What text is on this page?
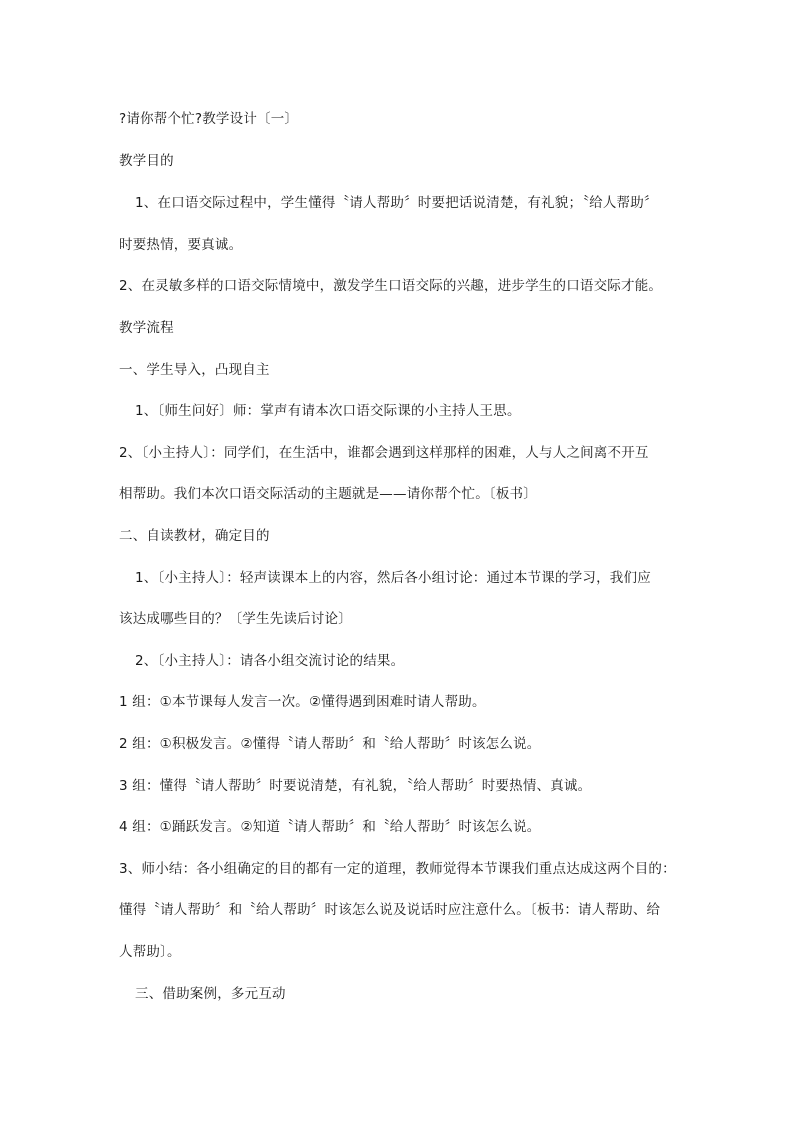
?请你帮个忙?教学设计〔一〕
教学目的
1、在口语交际过程中，学生懂得〝请人帮助〞时要把话说清楚，有礼貌；〝给人帮助〞
时要热情，要真诚。
2、在灵敏多样的口语交际情境中，激发学生口语交际的兴趣，进步学生的口语交际才能。
教学流程
一、学生导入，凸现自主
1、〔师生问好〕师：掌声有请本次口语交际课的小主持人王思。
2、〔小主持人〕：同学们，在生活中，谁都会遇到这样那样的困难，人与人之间离不开互
相帮助。我们本次口语交际活动的主题就是——请你帮个忙。〔板书〕
二、自读教材，确定目的
1、〔小主持人〕：轻声读课本上的内容，然后各小组讨论：通过本节课的学习，我们应
该达成哪些目的？〔学生先读后讨论〕
2、〔小主持人〕：请各小组交流讨论的结果。
1 组：①本节课每人发言一次。②懂得遇到困难时请人帮助。
2 组：①积极发言。②懂得〝请人帮助〞和〝给人帮助〞时该怎么说。
3 组：懂得〝请人帮助〞时要说清楚，有礼貌，〝给人帮助〞时要热情、真诚。
4 组：①踊跃发言。②知道〝请人帮助〞和〝给人帮助〞时该怎么说。
3、师小结：各小组确定的目的都有一定的道理，教师觉得本节课我们重点达成这两个目的：
懂得〝请人帮助〞和〝给人帮助〞时该怎么说及说话时应注意什么。〔板书：请人帮助、给
人帮助〕。
三、借助案例，多元互动
